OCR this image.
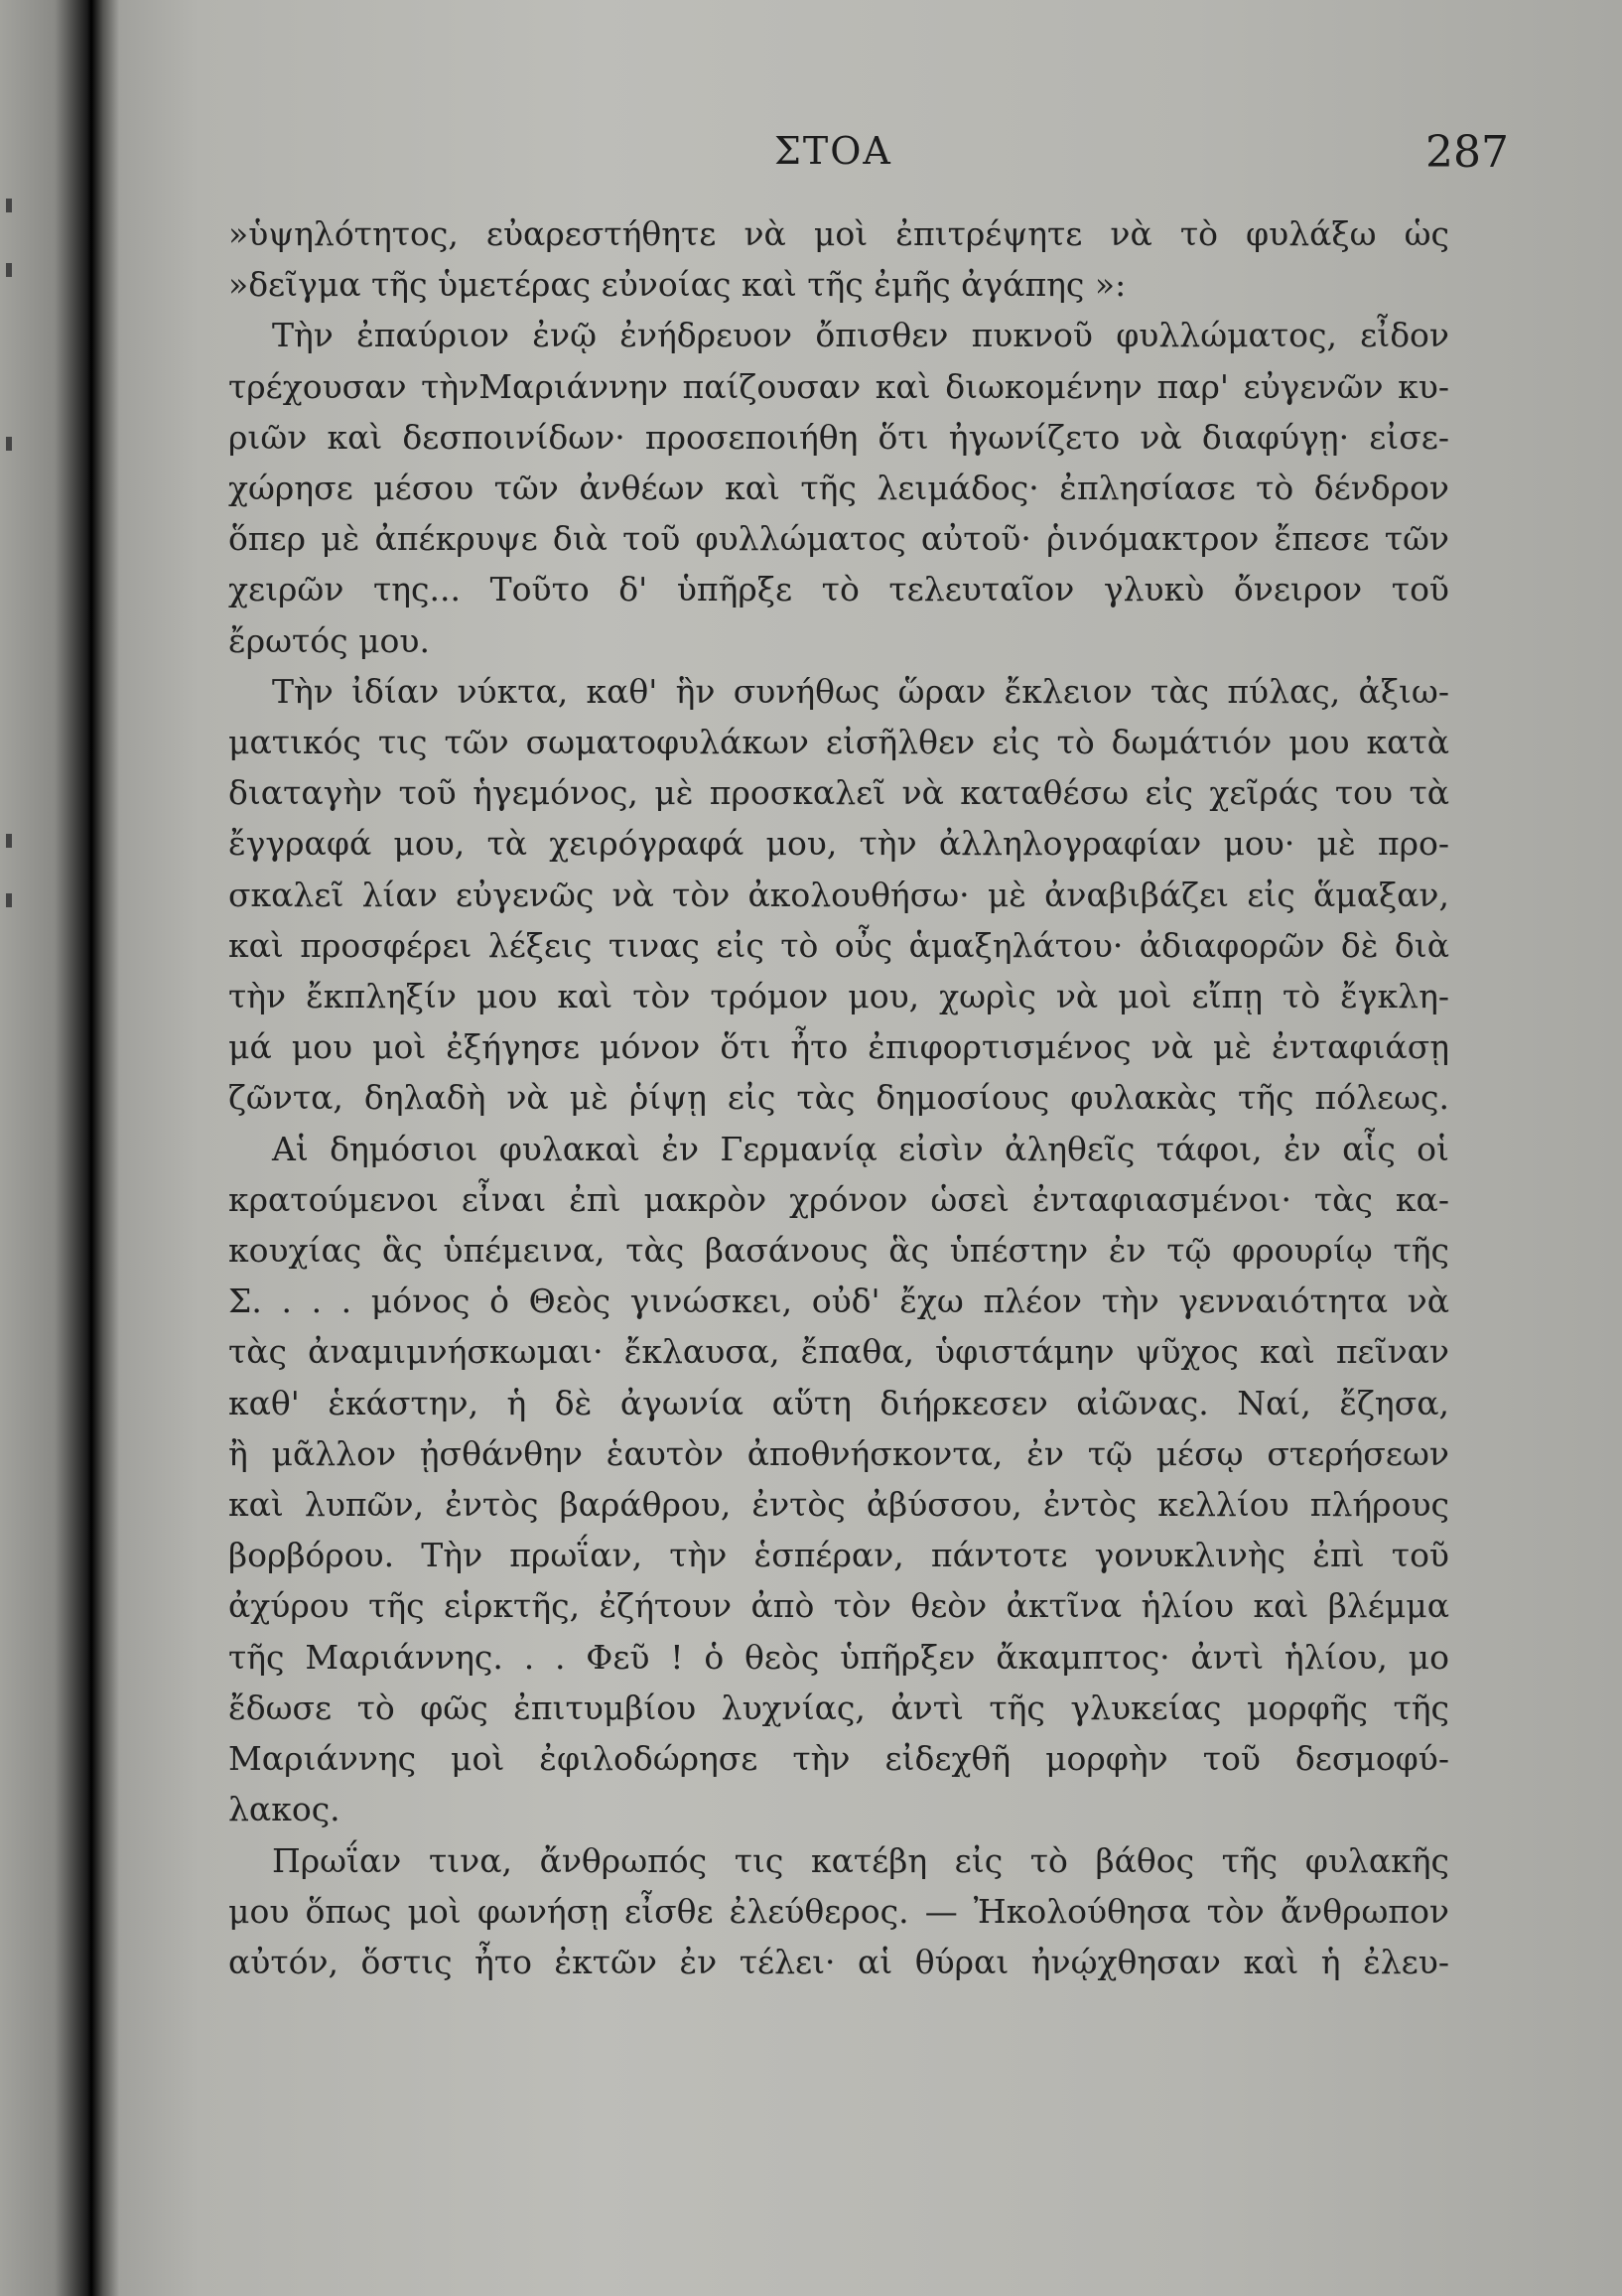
ΣΤΟΑ	287
»ὑψηλότητος, εὐαρεστήθητε νὰ μοὶ ἐπιτρέψητε νὰ τὸ φυλάξω ὡς
»δεῖγμα τῆς ὑμετέρας εὐνοίας καὶ τῆς ἐμῆς ἀγάπης »:
Τὴν ἐπαύριον ἐνῷ ἐνήδρευον ὄπισθεν πυκνοῦ φυλλώματος, εἶδον
τρέχουσαν τὴνΜαριάννην παίζουσαν καὶ διωκομένην παρ' εὐγενῶν κυ-
ριῶν καὶ δεσποινίδων· προσεποιήθη ὅτι ἠγωνίζετο νὰ διαφύγῃ· εἰσε-
χώρησε μέσου τῶν ἀνθέων καὶ τῆς λειμάδος· ἐπλησίασε τὸ δένδρον
ὅπερ μὲ ἀπέκρυψε διὰ τοῦ φυλλώματος αὐτοῦ· ῥινόμακτρον ἔπεσε τῶν
χειρῶν της... Τοῦτο δ' ὑπῆρξε τὸ τελευταῖον γλυκὺ ὄνειρον τοῦ
ἔρωτός μου.
Τὴν ἰδίαν νύκτα, καθ' ἣν συνήθως ὥραν ἔκλειον τὰς πύλας, ἀξιω-
ματικός τις τῶν σωματοφυλάκων εἰσῆλθεν εἰς τὸ δωμάτιόν μου κατὰ
διαταγὴν τοῦ ἡγεμόνος, μὲ προσκαλεῖ νὰ καταθέσω εἰς χεῖράς του τὰ
ἔγγραφά μου, τὰ χειρόγραφά μου, τὴν ἀλληλογραφίαν μου· μὲ προ-
σκαλεῖ λίαν εὐγενῶς νὰ τὸν ἀκολουθήσω· μὲ ἀναβιβάζει εἰς ἅμαξαν,
καὶ προσφέρει λέξεις τινας εἰς τὸ οὖς ἁμαξηλάτου· ἀδιαφορῶν δὲ διὰ
τὴν ἔκπληξίν μου καὶ τὸν τρόμον μου, χωρὶς νὰ μοὶ εἴπῃ τὸ ἔγκλη-
μά μου μοὶ ἐξήγησε μόνον ὅτι ἦτο ἐπιφορτισμένος νὰ μὲ ἐνταφιάσῃ
ζῶντα, δηλαδὴ νὰ μὲ ῥίψῃ εἰς τὰς δημοσίους φυλακὰς τῆς πόλεως.
Αἱ δημόσιοι φυλακαὶ ἐν Γερμανίᾳ εἰσὶν ἀληθεῖς τάφοι, ἐν αἷς οἱ
κρατούμενοι εἶναι ἐπὶ μακρὸν χρόνον ὡσεὶ ἐνταφιασμένοι· τὰς κα-
κουχίας ἃς ὑπέμεινα, τὰς βασάνους ἃς ὑπέστην ἐν τῷ φρουρίῳ τῆς
Σ. . . . μόνος ὁ Θεὸς γινώσκει, οὐδ' ἔχω πλέον τὴν γενναιότητα νὰ
τὰς ἀναμιμνήσκωμαι· ἔκλαυσα, ἔπαθα, ὑφιστάμην ψῦχος καὶ πεῖναν
καθ' ἑκάστην, ἡ δὲ ἀγωνία αὕτη διήρκεσεν αἰῶνας. Ναί, ἔζησα,
ἢ μᾶλλον ᾐσθάνθην ἑαυτὸν ἀποθνήσκοντα, ἐν τῷ μέσῳ στερήσεων
καὶ λυπῶν, ἐντὸς βαράθρου, ἐντὸς ἀβύσσου, ἐντὸς κελλίου πλήρους
βορβόρου. Τὴν πρωΐαν, τὴν ἑσπέραν, πάντοτε γονυκλινὴς ἐπὶ τοῦ
ἀχύρου τῆς εἱρκτῆς, ἐζήτουν ἀπὸ τὸν θεὸν ἀκτῖνα ἡλίου καὶ βλέμμα
τῆς Μαριάννης. . . Φεῦ ! ὁ θεὸς ὑπῆρξεν ἄκαμπτος· ἀντὶ ἡλίου, μο
ἔδωσε τὸ φῶς ἐπιτυμβίου λυχνίας, ἀντὶ τῆς γλυκείας μορφῆς τῆς
Μαριάννης μοὶ ἐφιλοδώρησε τὴν εἰδεχθῆ μορφὴν τοῦ δεσμοφύ-
λακος.
Πρωΐαν τινα, ἄνθρωπός τις κατέβη εἰς τὸ βάθος τῆς φυλακῆς
μου ὅπως μοὶ φωνήσῃ εἶσθε ἐλεύθερος. — Ἠκολούθησα τὸν ἄνθρωπον
αὐτόν, ὅστις ἦτο ἐκτῶν ἐν τέλει· αἱ θύραι ἠνῴχθησαν καὶ ἡ ἐλευ-
